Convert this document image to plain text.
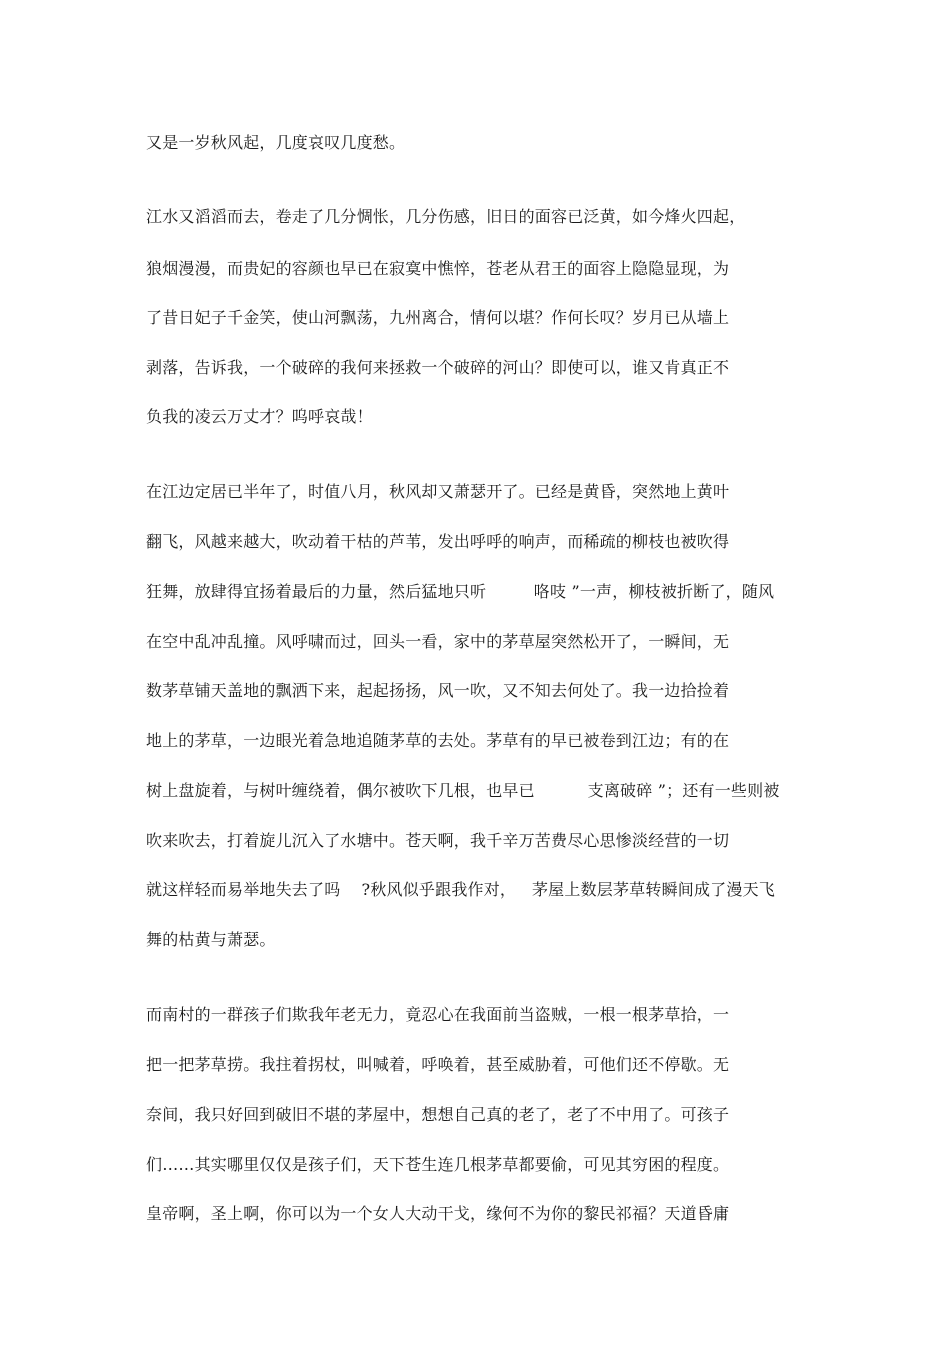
又是一岁秋风起，几度哀叹几度愁。
江水又滔滔而去，卷走了几分惆怅，几分伤感，旧日的面容已泛黄，如今烽火四起，
狼烟漫漫，而贵妃的容颜也早已在寂寞中憔悴，苍老从君王的面容上隐隐显现，为
了昔日妃子千金笑，使山河飘荡，九州离合，情何以堪？作何长叹？岁月已从墙上
剥落，告诉我，一个破碎的我何来拯救一个破碎的河山？即使可以，谁又肯真正不
负我的凌云万丈才？呜呼哀哉！
在江边定居已半年了，时值八月，秋风却又萧瑟开了。已经是黄昏，突然地上黄叶
翻飞，风越来越大，吹动着干枯的芦苇，发出呼呼的响声，而稀疏的柳枝也被吹得
狂舞，放肆得宜扬着最后的力量，然后猛地只听         咯吱 ”一声，柳枝被折断了，随风
在空中乱冲乱撞。风呼啸而过，回头一看，家中的茅草屋突然松开了，一瞬间，无
数茅草铺天盖地的飘洒下来，起起扬扬，风一吹，又不知去何处了。我一边拾捡着
地上的茅草，一边眼光着急地追随茅草的去处。茅草有的早已被卷到江边；有的在
树上盘旋着，与树叶缠绕着，偶尔被吹下几根，也早已          支离破碎 ”；还有一些则被
吹来吹去，打着旋儿沉入了水塘中。苍天啊，我千辛万苦费尽心思惨淡经营的一切
就这样轻而易举地失去了吗    ?秋风似乎跟我作对，   茅屋上数层茅草转瞬间成了漫天飞
舞的枯黄与萧瑟。
而南村的一群孩子们欺我年老无力，竟忍心在我面前当盗贼，一根一根茅草拾，一
把一把茅草捞。我拄着拐杖，叫喊着，呼唤着，甚至威胁着，可他们还不停歇。无
奈间，我只好回到破旧不堪的茅屋中，想想自己真的老了，老了不中用了。可孩子
们……其实哪里仅仅是孩子们，天下苍生连几根茅草都要偷，可见其穷困的程度。
皇帝啊，圣上啊，你可以为一个女人大动干戈，缘何不为你的黎民祁福？天道昏庸
